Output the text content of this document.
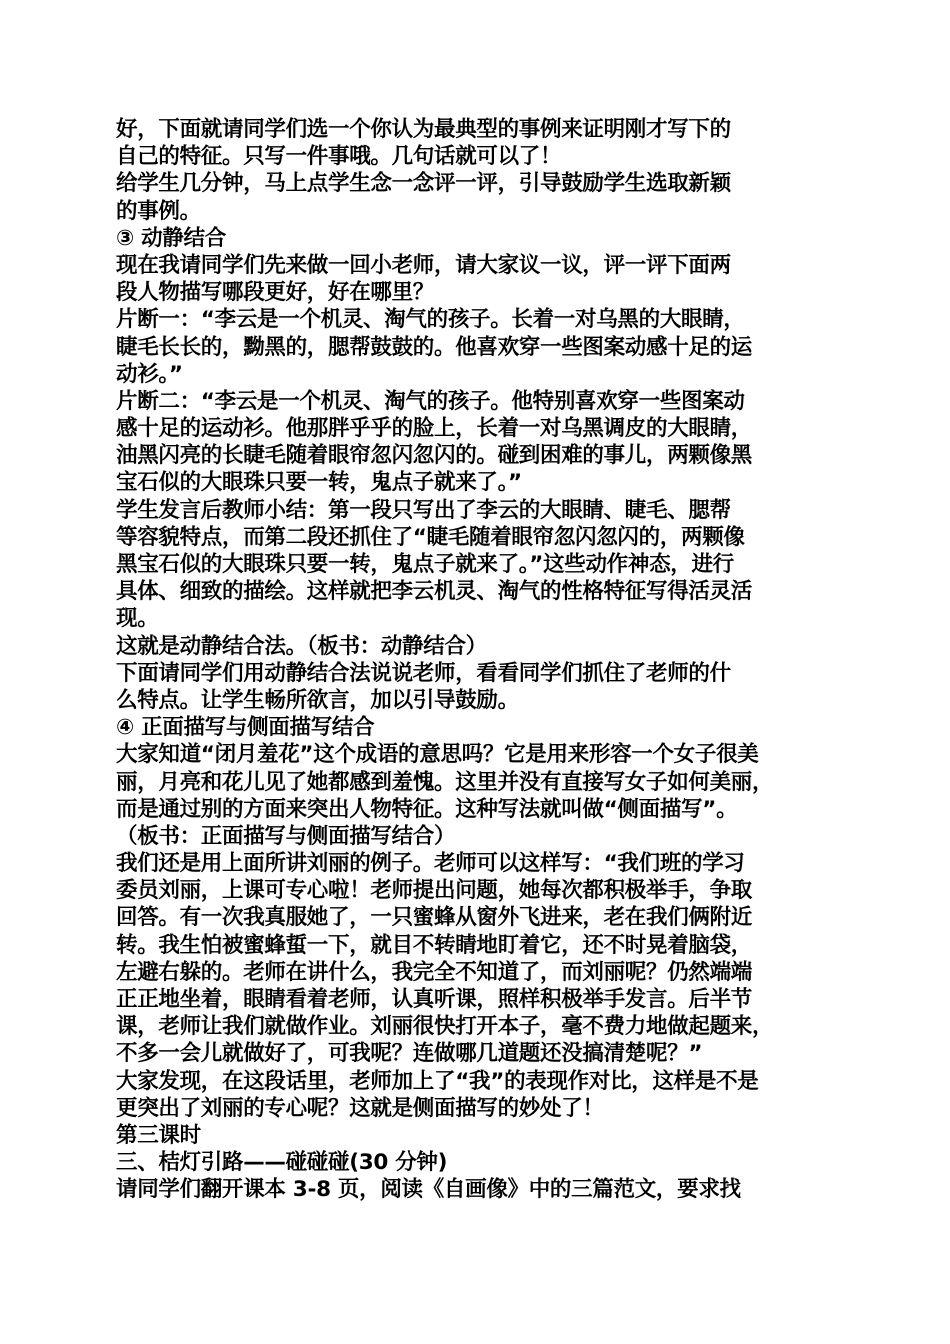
好，下面就请同学们选一个你认为最典型的事例来证明刚才写下的
自己的特征。只写一件事哦。几句话就可以了！
给学生几分钟，马上点学生念一念评一评，引导鼓励学生选取新颖
的事例。
③ 动静结合
现在我请同学们先来做一回小老师，请大家议一议，评一评下面两
段人物描写哪段更好，好在哪里？
片断一：“李云是一个机灵、淘气的孩子。长着一对乌黑的大眼睛，
睫毛长长的，黝黑的，腮帮鼓鼓的。他喜欢穿一些图案动感十足的运
动衫。”
片断二：“李云是一个机灵、淘气的孩子。他特别喜欢穿一些图案动
感十足的运动衫。他那胖乎乎的脸上，长着一对乌黑调皮的大眼睛，
油黑闪亮的长睫毛随着眼帘忽闪忽闪的。碰到困难的事儿，两颗像黑
宝石似的大眼珠只要一转，鬼点子就来了。”
学生发言后教师小结：第一段只写出了李云的大眼睛、睫毛、腮帮
等容貌特点，而第二段还抓住了“睫毛随着眼帘忽闪忽闪的，两颗像
黑宝石似的大眼珠只要一转，鬼点子就来了。”这些动作神态，进行
具体、细致的描绘。这样就把李云机灵、淘气的性格特征写得活灵活
现。
这就是动静结合法。（板书：动静结合）
下面请同学们用动静结合法说说老师，看看同学们抓住了老师的什
么特点。让学生畅所欲言，加以引导鼓励。
④ 正面描写与侧面描写结合
大家知道“闭月羞花”这个成语的意思吗？它是用来形容一个女子很美
丽，月亮和花儿见了她都感到羞愧。这里并没有直接写女子如何美丽，
而是通过别的方面来突出人物特征。这种写法就叫做“侧面描写”。
（板书：正面描写与侧面描写结合）
我们还是用上面所讲刘丽的例子。老师可以这样写：“我们班的学习
委员刘丽，上课可专心啦！老师提出问题，她每次都积极举手，争取
回答。有一次我真服她了，一只蜜蜂从窗外飞进来，老在我们俩附近
转。我生怕被蜜蜂蜇一下，就目不转睛地盯着它，还不时晃着脑袋，
左避右躲的。老师在讲什么，我完全不知道了，而刘丽呢？仍然端端
正正地坐着，眼睛看着老师，认真听课，照样积极举手发言。后半节
课，老师让我们就做作业。刘丽很快打开本子，毫不费力地做起题来，
不多一会儿就做好了，可我呢？连做哪几道题还没搞清楚呢？”
大家发现，在这段话里，老师加上了“我”的表现作对比，这样是不是
更突出了刘丽的专心呢？这就是侧面描写的妙处了！
第三课时
三、桔灯引路——碰碰碰(30 分钟)
请同学们翻开课本 3-8 页，阅读《自画像》中的三篇范文，要求找
